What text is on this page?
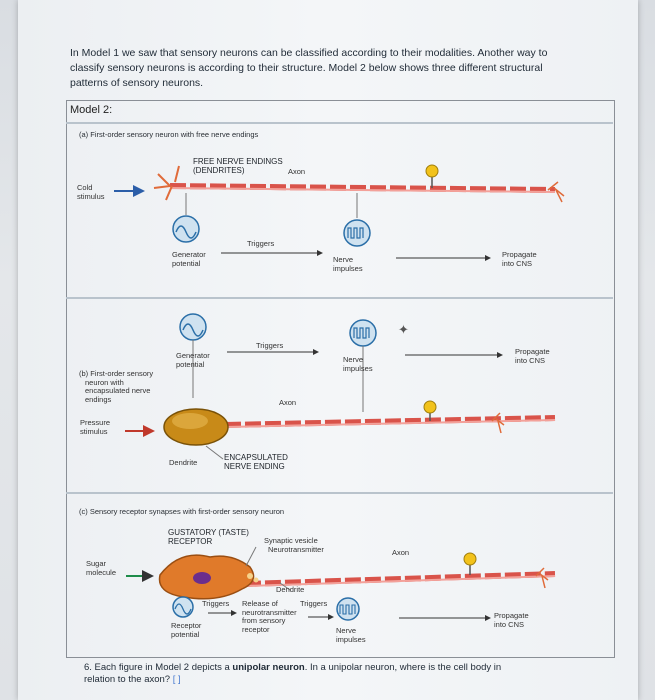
In Model 1 we saw that sensory neurons can be classified according to their modalities. Another way to
classify sensory neurons is according to their structure. Model 2 below shows three different structural
patterns of sensory neurons.
Model 2:
✦
(a) First-order sensory neuron with free nerve endings
FREE NERVE ENDINGS
(DENDRITES)	Axon
Cold
stimulus
Triggers
Generator
potential	Nerve
impulses
Propagate
into CNS
Triggers
Generator
potential	Nerve
impulses
Propagate
into CNS
(b) First-order sensory
neuron with
encapsulated nerve
endings	Axon
Pressure
stimulus
Dendrite
ENCAPSULATED
NERVE ENDING
(c) Sensory receptor synapses with first-order sensory neuron
GUSTATORY (TASTE)
RECEPTOR	Synaptic vesicle
Neurotransmitter	Axon
Sugar
molecule
Dendrite
Triggers Release of
neurotransmitter
from sensory
receptor
Triggers
Receptor
potential	Nerve
impulses
Propagate
into CNS
6. Each figure in Model 2 depicts a unipolar neuron. In a unipolar neuron, where is the cell body in
relation to the axon? [ ]
